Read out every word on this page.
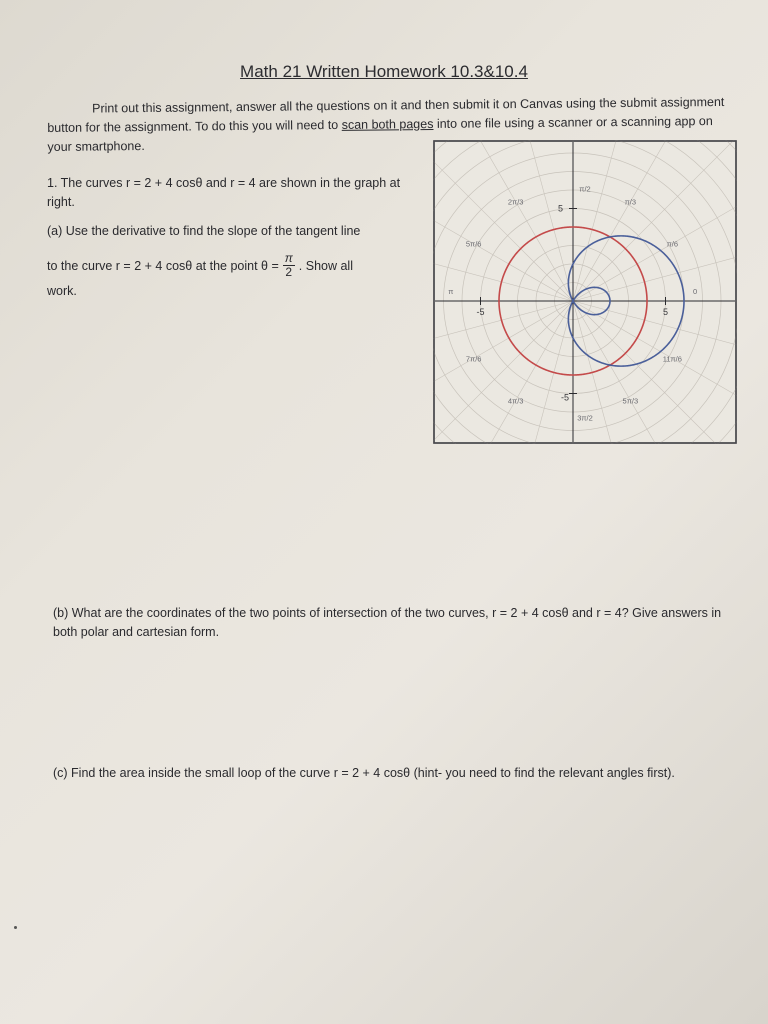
Math 21 Written Homework 10.3&10.4
Print out this assignment, answer all the questions on it and then submit it on Canvas using the submit assignment button for the assignment. To do this you will need to scan both pages into one file using a scanner or a scanning app on your smartphone.
1. The curves r = 2 + 4 cosθ and r = 4 are shown in the graph at right.
(a) Use the derivative to find the slope of the tangent line
to the curve r = 2 + 4 cosθ at the point $\theta = \frac{\pi}{2}$ . Show all
work.
5
-5
-5	5
0
π/6
π/3
π/2
2π/3
5π/6
π
7π/6
4π/3
3π/2
5π/3
11π/6
(b) What are the coordinates of the two points of intersection of the two curves, r = 2 + 4 cosθ and r = 4? Give answers in both polar and cartesian form.
(c) Find the area inside the small loop of the curve r = 2 + 4 cosθ (hint- you need to find the relevant angles first).
